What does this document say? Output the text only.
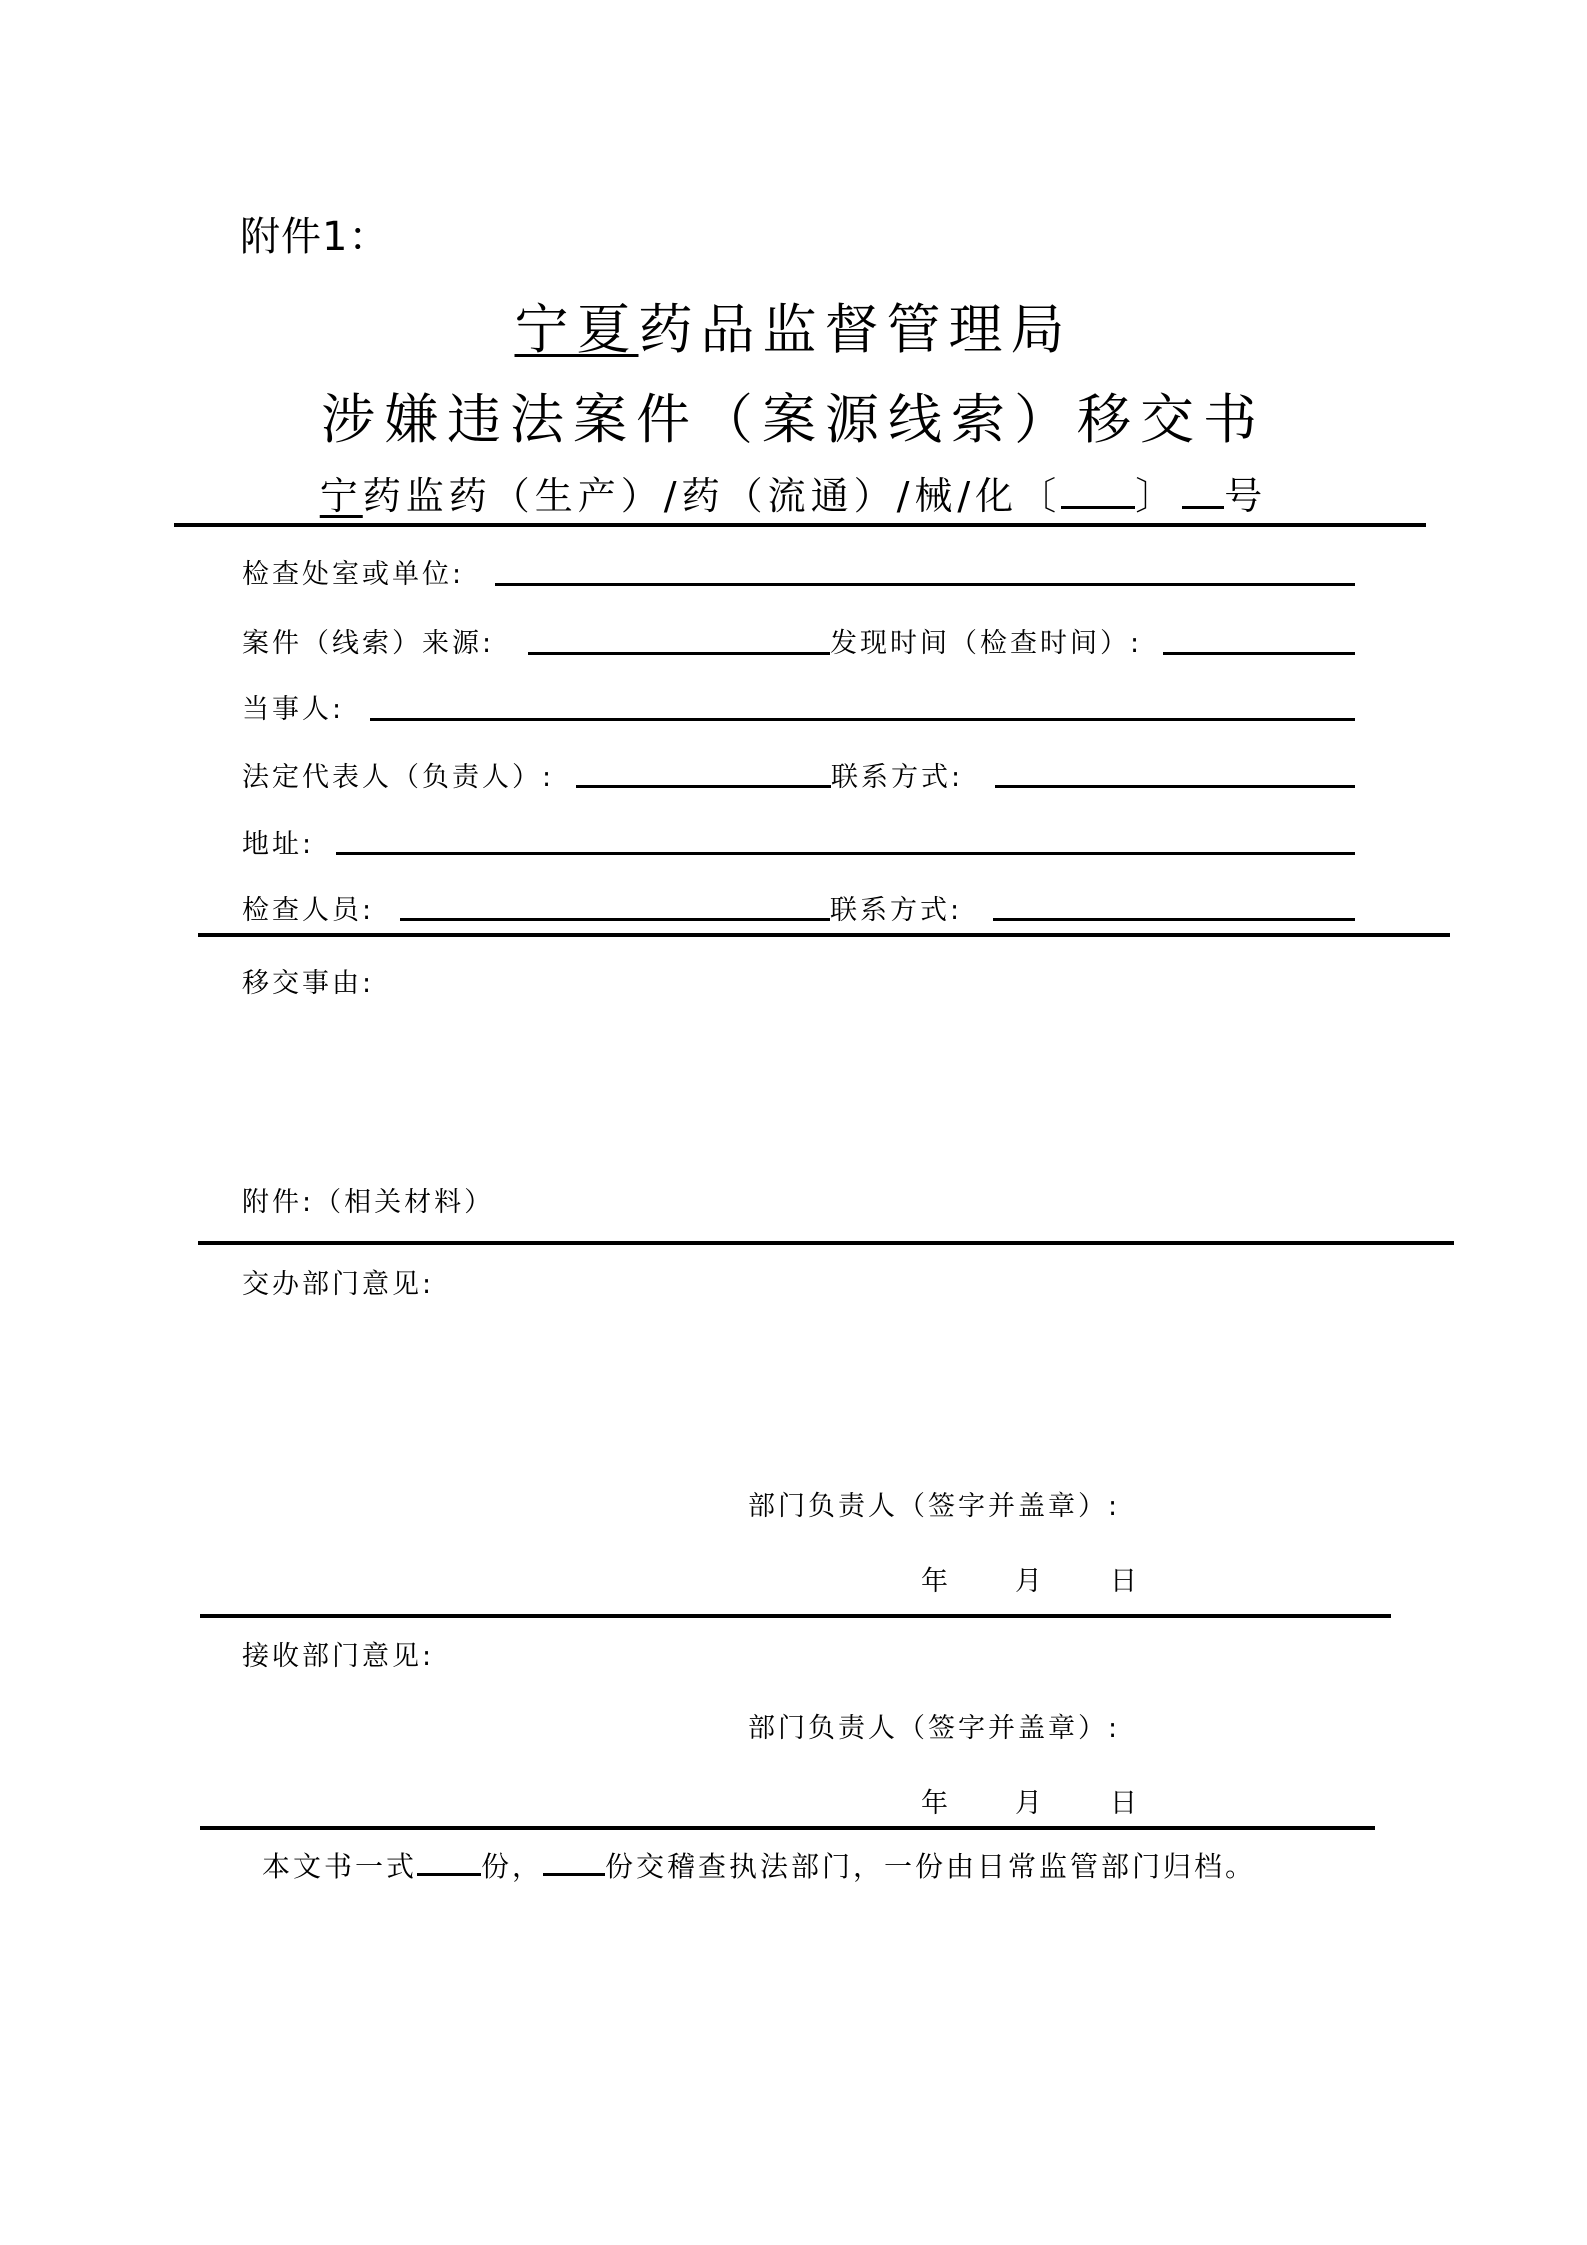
附件1：
宁夏药品监督管理局
涉嫌违法案件（案源线索）移交书
宁药监药（生产）/药（流通）/械/化〔 〕 号
检查处室或单位:
案件（线索）来源:	发现时间（检查时间）:
当事人:
法定代表人（负责人）:	联系方式:
地址:
检查人员:	联系方式:
移交事由:
附件:（相关材料）
交办部门意见:
部门负责人（签字并盖章）:
年 月 日
接收部门意见:
部门负责人（签字并盖章）:
年 月 日
本文书一式 份， 份交稽查执法部门，一份由日常监管部门归档。
